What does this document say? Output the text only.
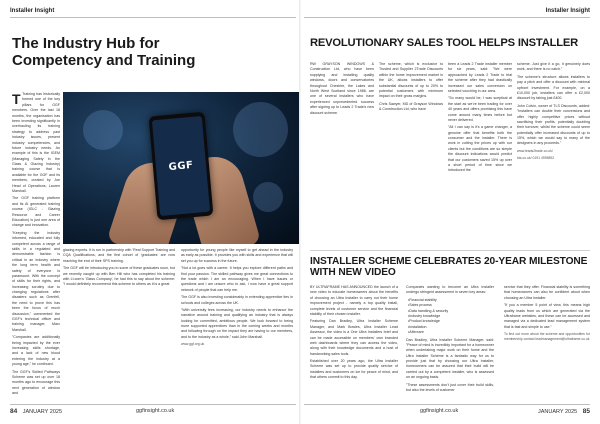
Installer Insight
The Industry Hub for Competency and Training

T Training has historically formed one of the key pillars for GGF members. Over the last 18 months, the organisation has been investing significantly in overhauling its training strategy to address past industry issues, present industry competencies, and future industry needs. An example of this is the IGEM (Managing Safety in the Glass & Glazing industry) training course that is available for the GGF and its members, created by Joe Head of Operations, Lauren Marshall.

The GGF training platform and its AI generated training course (IGLC - Glazing Resource and Career Education) is just one area of change and innovation.

"Keeping the industry informed, educated and fully competent across a range of skills in a regulated and demonstrable fashion is critical in an industry where the long term health and safety of everyone is paramount. With the concept of skills for their rights, and increasing scrutiny due to changing regulations after disasters such as Grenfell, the need to prove this has been the focus of much discussion," commented the GGF's technical officer and training manager, Marc Marshall.

"Companies are additionally being impacted by the ever increasing skills shortage, and a lack of new blood entering the industry at a young age," he continued.

The GGF's Skilled Pathways Scheme was set up over 18 months ago to encourage this next generation of window and

GGF

glazing experts. It is run in partnership with 'Real Support Training and CQA Qualifications, and the first cohort of 'graduates' are now reaching the end of their SPS training.

The GGF will be introducing you to some of these graduates soon, but we recently caught up with Ben Hill who has completed his training with Lt.com's 'Glass Company', he had this to say about the scheme: "I would definitely recommend this scheme to others as it is a great

opportunity for young people like myself to get ahead in the industry as early as possible. It provides you with skills and experience that will set you up for success in the future.

"Not a lot goes with a career. It helps you explore different paths and find your passion. The skilled pathway gives me great connections to the trade which I am an encouraging. When I have issues or questions and I am unsure who to ask, I now have a great support network of people that can help me.

The GGF is also investing considerably in extending apprentice ties in schools and colleges across the UK.

"With university fees increasing, our industry needs to enhance the narrative around training and qualifying an industry that is always looking for committed, ambitious people. We look forward to being more supported apprentices than in the coming weeks and months and following through on the impact they are having to our members, and to the industry as a whole," said John Marshall.

www.ggf.org.uk

84 JANUARY 2025	ggfinsight.co.uk
Installer Insight
REVOLUTIONARY SALES TOOL HELPS INSTALLER

RW GRAYSON WINDOWS & Construction Ltd, who have been supplying and installing quality windows, doors and conservatories throughout Cheshire, the Lakes and North West Scotland since 1986, are one of several installers who have experienced unprecedented success after signing up to Leads 2 Trade's new discount scheme.

The scheme, which is exclusive to Trusted and Supplier 2Trade Discounts within the home improvement market in the UK, allows installers to offer substantial discounts of up to 20% to potential customers with minimum impact on their gross margins.

Chris Sawyer, MD of Grayson Windows & Construction Ltd, who have

been a Leads 2 Trade installer member for six years, said: "We were approached by Leads 2 Trade to trial the scheme after they had drastically increased our sales conversion on selected vouching in our area.

"So many would be, I was sceptical at the start as we've been trading for over 40 years and offers promising this have come around many times before but never delivered.

"All I can say is it's a game changer, a genuine offer that benefits both the consumer and the installer. There is work in cutting the prices up with our clients but the conditions are so simple the discount indications would predict that our customers saved 15% up over a short period of time since we introduced the

scheme. Just give it a go, it genuinely does work, and there is no catch."

The scheme's structure allows installers to pay a pitch and offer a discount with minimal upfront investment. For example, on a £10,000 job, installers can offer a £2,000 discount by taking just £400.

John Colvin, owner of TLS Discounts, added: "Installers can double their conversions and offer highly competitive prices without sacrificing their profits, potentially doubling their turnover, whilst the scheme could seem potentially offer increased discounts of up to 15%, which we would say to many of the designers in any proceeds."

www.leads2trade.co.uk/

tds.co.uk/ 0191 4995892

INSTALLER SCHEME CELEBRATES 20-YEAR MILESTONE WITH NEW VIDEO

BY ULTRAFRAME HAS ANNOUNCED the launch of a new video to educate homeowners about the benefits of choosing an Ultra Installer to carry out their home improvement project - namely a top quality install, complete levels of customer service and the financial stability of their chosen installer.

Featuring Dan Bradley, Ultra Installer Scheme Manager, and Mark Bowles, Ultra Installer Lead Assessor, the video is a One Ultra Installers brief and can be made accessible on members' own branded web dashboards where they can access the video, along with their knowledge documents and a host of handworking sales tools.

Established over 20 years ago, the Ultra Installer Scheme was set up to provide quality service of installers and customers on ice for peace of mind, and that others commit to this day.

Companies wanting to become an Ultra Installer undergo stringent assessment in seven key areas:

• Financial stability
• Sales process
• Data handling & security
• Industry knowledge
• Product knowledge
• Installation
• Aftercare

Dan Bradley, Ultra Installer Scheme Manager, said: "Peace of mind is incredibly important for a homeowner when undertaking major work on their home and the Ultra Installer Scheme is a fantastic way for us to provide just that by choosing our Ultra Installer, homeowners can be assured that their build will be carried out by a competent installer, who is assessed on an ongoing basis.

"These assessments don't just cover their build skills, but also the levels of customer

service that they offer. Financial stability is something that homeowners can also be confident about when choosing an Ultra Installer.

"If you a member 5 point of view, this means high quality leads from us which are generated via the Ultraframe websites, and these can be accessed and managed via a dedicated lead management system that is fast and simple to use."

To find out more about the scheme and opportunities for membership contact leadmanagement@ultraframe.co.uk

ggfinsight.co.uk	JANUARY 2025 85
